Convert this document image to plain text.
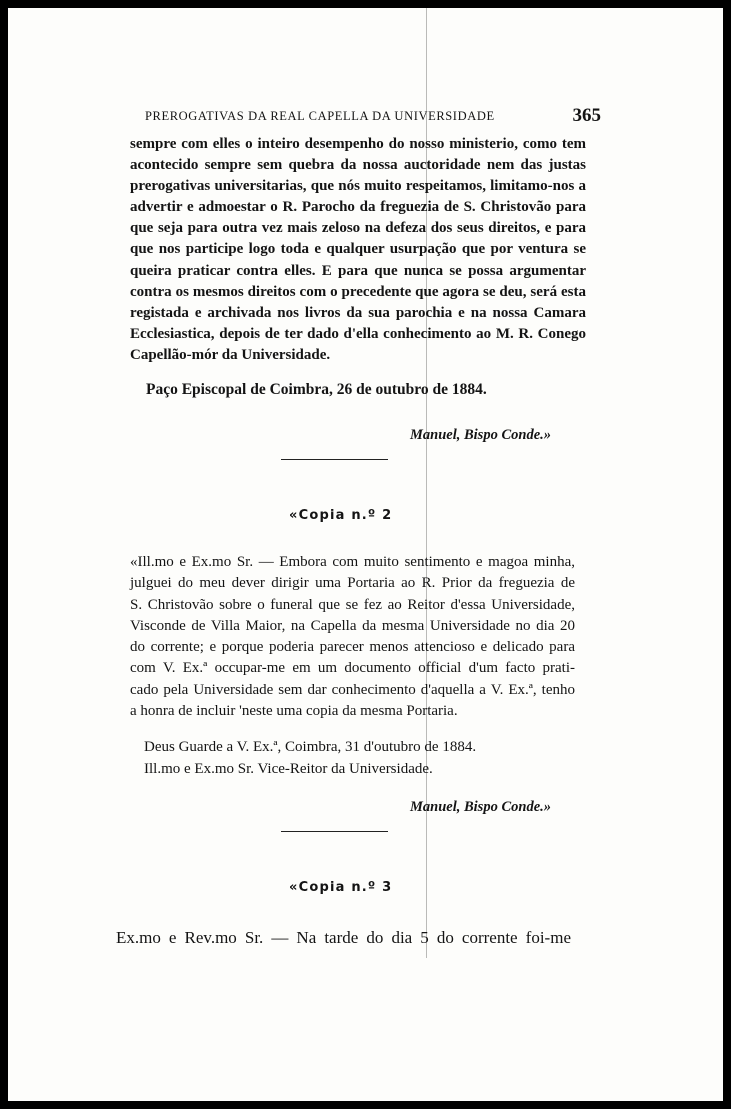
PREROGATIVAS DA REAL CAPELLA DA UNIVERSIDADE	365
sempre com elles o inteiro desempenho do nosso ministerio, como tem
acontecido sempre sem quebra da nossa auctoridade nem das justas
prerogativas universitarias, que nós muito respeitamos, limitamo-nos a
advertir e admoestar o R. Parocho da freguezia de S. Christovão para
que seja para outra vez mais zeloso na defeza dos seus direitos, e para
que nos participe logo toda e qualquer usurpação que por ventura se
queira praticar contra elles. E para que nunca se possa argumentar
contra os mesmos direitos com o precedente que agora se deu, será esta
registada e archivada nos livros da sua parochia e na nossa Camara
Ecclesiastica, depois de ter dado d'ella conhecimento ao M. R. Conego
Capellão-mór da Universidade.
Paço Episcopal de Coimbra, 26 de outubro de 1884.
Manuel, Bispo Conde.»
«Copia n.º 2
«Ill.mo e Ex.mo Sr. — Embora com muito sentimento e magoa minha,
julguei do meu dever dirigir uma Portaria ao R. Prior da freguezia de
S. Christovão sobre o funeral que se fez ao Reitor d'essa Universidade,
Visconde de Villa Maior, na Capella da mesma Universidade no dia 20
do corrente; e porque poderia parecer menos attencioso e delicado para
com V. Ex.ª occupar-me em um documento official d'um facto prati-
cado pela Universidade sem dar conhecimento d'aquella a V. Ex.ª, tenho
a honra de incluir 'neste uma copia da mesma Portaria.
Deus Guarde a V. Ex.ª, Coimbra, 31 d'outubro de 1884.
Ill.mo e Ex.mo Sr. Vice-Reitor da Universidade.
Manuel, Bispo Conde.»
«Copia n.º 3
Ex.mo e Rev.mo Sr. — Na tarde do dia 5 do corrente foi-me
